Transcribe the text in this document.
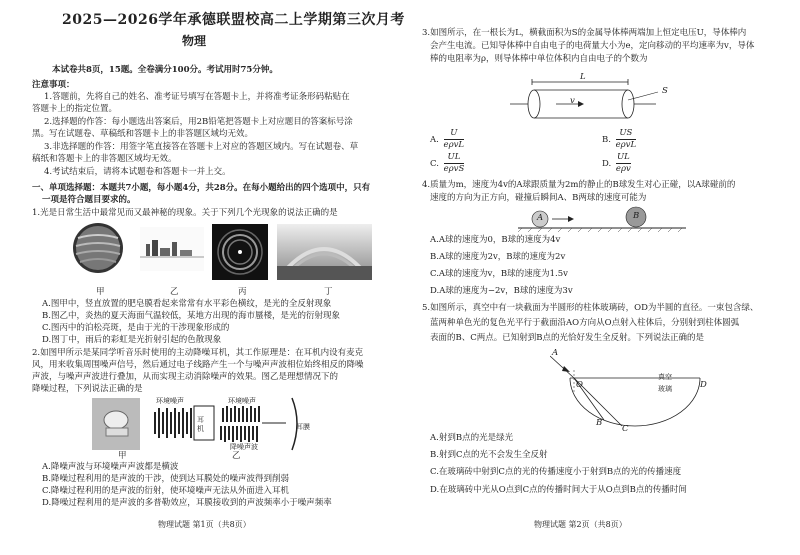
2025—2026学年承德联盟校高二上学期第三次月考
物理
本试卷共8页，15题。全卷满分100分。考试用时75分钟。
注意事项：
1.答题前，先将自己的姓名、准考证号填写在答题卡上，并将准考证条形码粘贴在
答题卡上的指定位置。
2.选择题的作答：每小题选出答案后，用2B铅笔把答题卡上对应题目的答案标号涂
黑。写在试题卷、草稿纸和答题卡上的非答题区域均无效。
3.非选择题的作答：用签字笔直接答在答题卡上对应的答题区域内。写在试题卷、草
稿纸和答题卡上的非答题区域均无效。
4.考试结束后，请将本试题卷和答题卡一并上交。
一、单项选择题：本题共7小题，每小题4分，共28分。在每小题给出的四个选项中，只有
一项是符合题目要求的。
1.光是日常生活中最常见而又最神秘的现象。关于下列几个光现象的说法正确的是
甲	乙	丙	丁
A.图甲中，竖直放置的肥皂膜看起来常常有水平彩色横纹，是光的全反射现象
B.图乙中，炎热的夏天海面气温较低，某地方出现的海市蜃楼，是光的衍射现象
C.图丙中的泊松亮斑，是由于光的干涉现象形成的
D.图丁中，雨后的彩虹是光折射引起的色散现象
2.如图甲所示是某同学听音乐时使用的主动降噪耳机，其工作原理是：在耳机内设有麦克
风，用来收集周围噪声信号，然后通过电子线路产生一个与噪声声波相位始终相反的降噪
声波，与噪声声波进行叠加，从而实现主动消除噪声的效果。图乙是理想情况下的
降噪过程，下列说法正确的是
环境噪声	环境噪声
耳机
降噪声波
耳膜
甲	乙
A.降噪声波与环境噪声声波都是横波
B.降噪过程利用的是声波的干涉，使到达耳膜处的噪声波得到削弱
C.降噪过程利用的是声波的衍射，使环境噪声无法从外面进入耳机
D.降噪过程利用的是声波的多普勒效应，耳膜接收到的声波频率小于噪声频率
物理试题 第1页（共8页）
3.如图所示，在一根长为L，横截面积为S的金属导体棒两端加上恒定电压U，导体棒内
会产生电流。已知导体棒中自由电子的电荷量大小为e，定向移动的平均速率为v，导体
棒的电阻率为ρ，则导体棒中单位体积内自由电子的个数为
L
S
v
A.
U
eρvL	B.
US
eρvL
C.
UL
eρvS	D.
UL
eρv
4.质量为m，速度为4v的A球跟质量为2m的静止的B球发生对心正碰，以A球碰前的
速度的方向为正方向，碰撞后瞬间A、B两球的速度可能为
A	B
A.A球的速度为0，B球的速度为4v
B.A球的速度为2v，B球的速度为2v
C.A球的速度为v，B球的速度为1.5v
D.A球的速度为−2v，B球的速度为3v
5.如图所示，真空中有一块截面为半圆形的柱体玻璃砖，OD为半圆的直径。一束包含绿、
蓝两种单色光的复色光平行于截面沿AO方向从O点射入柱体后，分别射到柱体圆弧
表面的B、C两点。已知射到B点的光恰好发生全反射。下列说法正确的是
A
O	D
B
C
真空
玻璃
A.射到B点的光是绿光
B.射到C点的光不会发生全反射
C.在玻璃砖中射到C点的光的传播速度小于射到B点的光的传播速度
D.在玻璃砖中光从O点到C点的传播时间大于从O点到B点的传播时间
物理试题 第2页（共8页）
